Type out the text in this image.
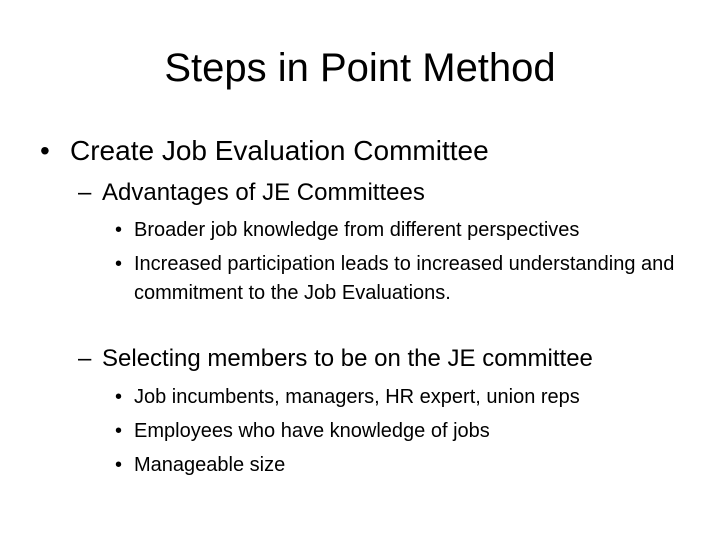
Steps in Point Method
• Create Job Evaluation Committee
– Advantages of JE Committees
• Broader job knowledge from different perspectives
• Increased participation leads to increased understanding and commitment to the Job Evaluations.
– Selecting members to be on the JE committee
• Job incumbents, managers, HR expert, union reps
• Employees who have knowledge of jobs
• Manageable size
